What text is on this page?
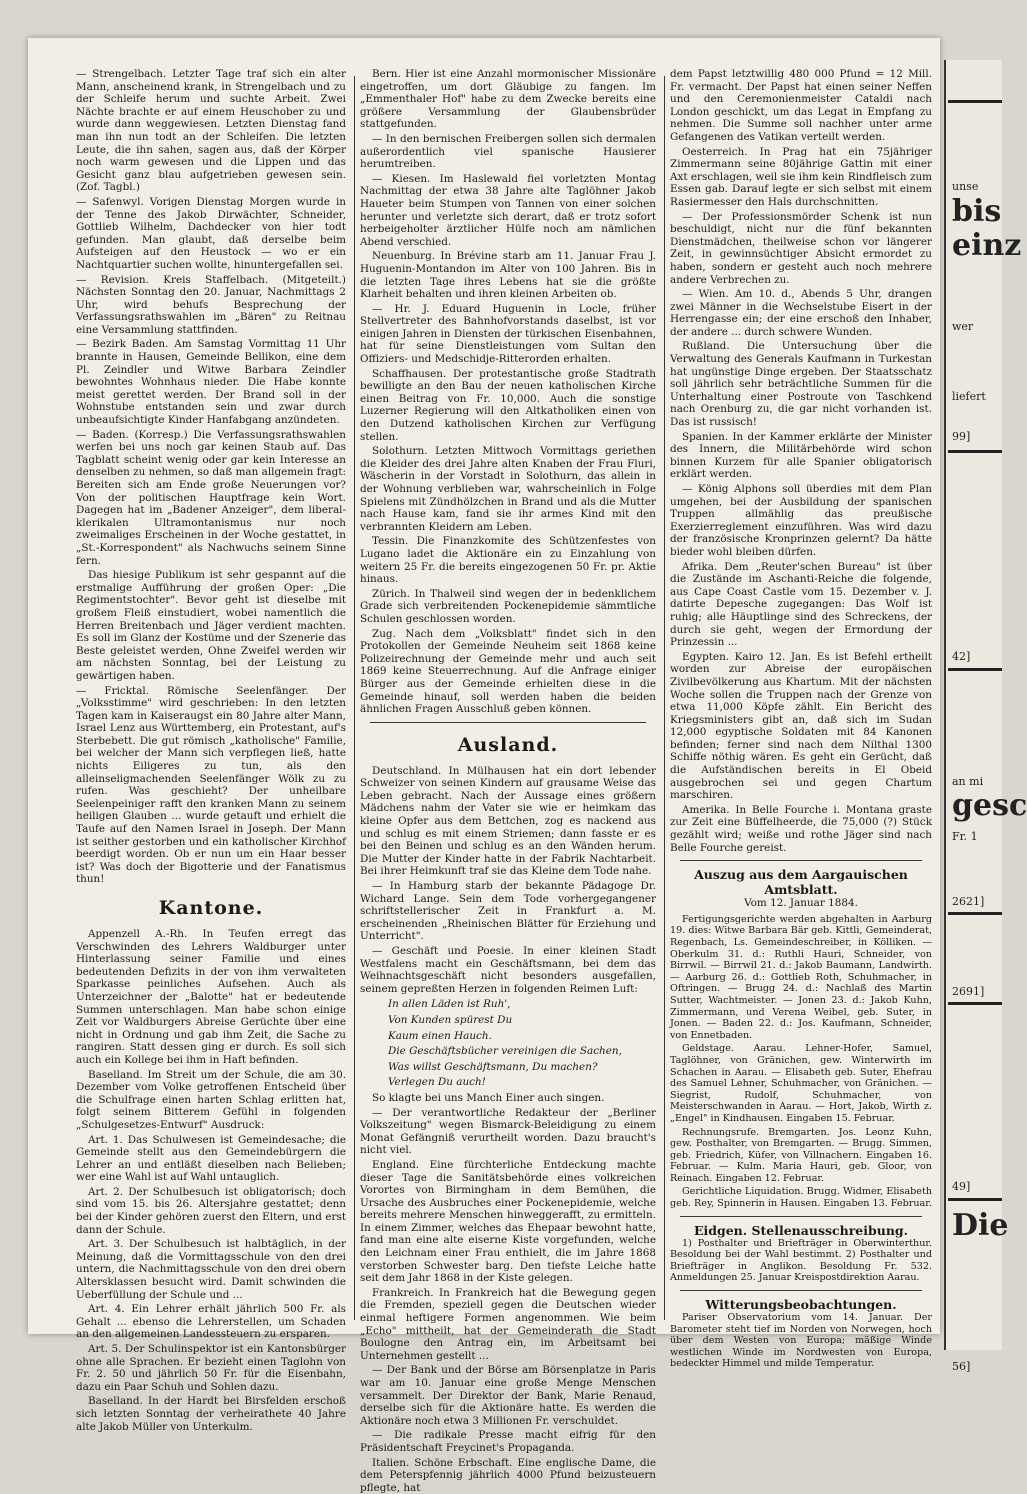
— Strengelbach. Letzter Tage traf sich ein alter Mann, anscheinend krank, in Strengelbach und zu der Schleife herum und suchte Arbeit. Zwei Nächte brachte er auf einem Heuschober zu und wurde dann weggewiesen. Letzten Dienstag fand man ihn nun todt an der Schleifen. Die letzten Leute, die ihn sahen, sagen aus, daß der Körper noch warm gewesen und die Lippen und das Gesicht ganz blau aufgetrieben gewesen sein. (Zof. Tagbl.)

— Safenwyl. Vorigen Dienstag Morgen wurde in der Tenne des Jakob Dirwächter, Schneider, Gottlieb Wilhelm, Dachdecker von hier todt gefunden. Man glaubt, daß derselbe beim Aufsteigen auf den Heustock — wo er ein Nachtquartier suchen wollte, hinuntergefallen sei.

— Revision. Kreis Staffelbach. (Mitgeteilt.) Nächsten Sonntag den 20. Januar, Nachmittags 2 Uhr, wird behufs Besprechung der Verfassungsrathswahlen im „Bären" zu Reitnau eine Versammlung stattfinden.

— Bezirk Baden. Am Samstag Vormittag 11 Uhr brannte in Hausen, Gemeinde Bellikon, eine dem Pl. Zeindler und Witwe Barbara Zeindler bewohntes Wohnhaus nieder. Die Habe konnte meist gerettet werden. Der Brand soll in der Wohnstube entstanden sein und zwar durch unbeaufsichtigte Kinder Hanfabgang anzündeten.

— Baden. (Korresp.) Die Verfassungsrathswahlen werfen bei uns noch gar keinen Staub auf. Das Tagblatt scheint wenig oder gar kein Interesse an denselben zu nehmen, so daß man allgemein fragt: Bereiten sich am Ende große Neuerungen vor? Von der politischen Hauptfrage kein Wort. Dagegen hat im „Badener Anzeiger", dem liberal-klerikalen Ultramontanismus nur noch zweimaliges Erscheinen in der Woche gestattet, in „St.-Korrespondent" als Nachwuchs seinem Sinne fern.

Das hiesige Publikum ist sehr gespannt auf die erstmalige Aufführung der großen Oper: „Die Regimentstochter". Bevor geht ist dieselbe mit großem Fleiß einstudiert, wobei namentlich die Herren Breitenbach und Jäger verdient machten. Es soll im Glanz der Kostüme und der Szenerie das Beste geleistet werden, Ohne Zweifel werden wir am nächsten Sonntag, bei der Leistung zu gewärtigen haben.

— Fricktal. Römische Seelenfänger. Der „Volksstimme" wird geschrieben: In den letzten Tagen kam in Kaiseraugst ein 80 Jahre alter Mann, Israel Lenz aus Württemberg, ein Protestant, auf's Sterbebett. Die gut römisch „katholische" Familie, bei welcher der Mann sich verpflegen ließ, hatte nichts Eiligeres zu tun, als den alleinseligmachenden Seelenfänger Wölk zu zu rufen. Was geschieht? Der unheilbare Seelenpeiniger rafft den kranken Mann zu seinem heiligen Glauben ... wurde getauft und erhielt die Taufe auf den Namen Israel in Joseph. Der Mann ist seither gestorben und ein katholischer Kirchhof beerdigt worden. Ob er nun um ein Haar besser ist? Was doch der Bigotterie und der Fanatismus thun!

Kantone.

Appenzell A.-Rh. In Teufen erregt das Verschwinden des Lehrers Waldburger unter Hinterlassung seiner Familie und eines bedeutenden Defizits in der von ihm verwalteten Sparkasse peinliches Aufsehen. Auch als Unterzeichner der „Balotte" hat er bedeutende Summen unterschlagen. Man habe schon einige Zeit vor Waldburgers Abreise Gerüchte über eine nicht in Ordnung und gab ihm Zeit, die Sache zu rangiren. Statt dessen ging er durch. Es soll sich auch ein Kollege bei ihm in Haft befinden.

Baselland. Im Streit um der Schule, die am 30. Dezember vom Volke getroffenen Entscheid über die Schulfrage einen harten Schlag erlitten hat, folgt seinem Bitterem Gefühl in folgenden „Schulgesetzes-Entwurf" Ausdruck:

Art. 1. Das Schulwesen ist Gemeindesache; die Gemeinde stellt aus den Gemeindebürgern die Lehrer an und entläßt dieselben nach Belieben; wer eine Wahl ist auf Wahl untauglich.

Art. 2. Der Schulbesuch ist obligatorisch; doch sind vom 15. bis 26. Altersjahre gestattet; denn bei der Kinder gehören zuerst den Eltern, und erst dann der Schule.

Art. 3. Der Schulbesuch ist halbtäglich, in der Meinung, daß die Vormittagsschule von den drei untern, die Nachmittagsschule von den drei obern Altersklassen besucht wird. Damit schwinden die Ueberfüllung der Schule und ...

Art. 4. Ein Lehrer erhält jährlich 500 Fr. als Gehalt ... ebenso die Lehrerstellen, um Schaden an den allgemeinen Landessteuern zu ersparen.

Art. 5. Der Schulinspektor ist ein Kantonsbürger ohne alle Sprachen. Er bezieht einen Taglohn von Fr. 2. 50 und jährlich 50 Fr. für die Eisenbahn, dazu ein Paar Schuh und Sohlen dazu.

Baselland. In der Hardt bei Birsfelden erschoß sich letzten Sonntag der verheirathete 40 Jahre alte Jakob Müller von Unterkulm.

Bern. Hier ist eine Anzahl mormonischer Missionäre eingetroffen, um dort Gläubige zu fangen. Im „Emmenthaler Hof" habe zu dem Zwecke bereits eine größere Versammlung der Glaubensbrüder stattgefunden.

— In den bernischen Freibergen sollen sich dermalen außerordentlich viel spanische Hausierer herumtreiben.

— Kiesen. Im Haslewald fiel vorletzten Montag Nachmittag der etwa 38 Jahre alte Taglöhner Jakob Haueter beim Stumpen von Tannen von einer solchen herunter und verletzte sich derart, daß er trotz sofort herbeigeholter ärztlicher Hülfe noch am nämlichen Abend verschied.

Neuenburg. In Brévine starb am 11. Januar Frau J. Huguenin-Montandon im Alter von 100 Jahren. Bis in die letzten Tage ihres Lebens hat sie die größte Klarheit behalten und ihren kleinen Arbeiten ob.

— Hr. J. Eduard Huguenin in Locle, früher Stellvertreter des Bahnhofvorstands daselbst, ist vor einigen Jahren in Diensten der türkischen Eisenbahnen, hat für seine Dienstleistungen vom Sultan den Offiziers- und Medschidje-Ritterorden erhalten.

Schaffhausen. Der protestantische große Stadtrath bewilligte an den Bau der neuen katholischen Kirche einen Beitrag von Fr. 10,000. Auch die sonstige Luzerner Regierung will den Altkatholiken einen von den Dutzend katholischen Kirchen zur Verfügung stellen.

Solothurn. Letzten Mittwoch Vormittags geriethen die Kleider des drei Jahre alten Knaben der Frau Fluri, Wäscherin in der Vorstadt in Solothurn, das allein in der Wohnung verblieben war, wahrscheinlich in Folge Spielens mit Zündhölzchen in Brand und als die Mutter nach Hause kam, fand sie ihr armes Kind mit den verbrannten Kleidern am Leben.

Tessin. Die Finanzkomite des Schützenfestes von Lugano ladet die Aktionäre ein zu Einzahlung von weitern 25 Fr. die bereits eingezogenen 50 Fr. pr. Aktie hinaus.

Zürich. In Thalweil sind wegen der in bedenklichem Grade sich verbreitenden Pockenepidemie sämmtliche Schulen geschlossen worden.

Zug. Nach dem „Volksblatt" findet sich in den Protokollen der Gemeinde Neuheim seit 1868 keine Polizeirechnung der Gemeinde mehr und auch seit 1869 keine Steuerrechnung. Auf die Anfrage einiger Bürger aus der Gemeinde erhielten diese in die Gemeinde hinauf, soll werden haben die beiden ähnlichen Fragen Ausschluß geben können.

Ausland.

Deutschland. In Mülhausen hat ein dort lebender Schweizer von seinen Kindern auf grausame Weise das Leben gebracht. Nach der Aussage eines größern Mädchens nahm der Vater sie wie er heimkam das kleine Opfer aus dem Bettchen, zog es nackend aus und schlug es mit einem Striemen; dann fasste er es bei den Beinen und schlug es an den Wänden herum. Die Mutter der Kinder hatte in der Fabrik Nachtarbeit. Bei ihrer Heimkunft traf sie das Kleine dem Tode nahe.

— In Hamburg starb der bekannte Pädagoge Dr. Wichard Lange. Sein dem Tode vorhergegangener schriftstellerischer Zeit in Frankfurt a. M. erscheinenden „Rheinischen Blätter für Erziehung und Unterricht".

— Geschäft und Poesie. In einer kleinen Stadt Westfalens macht ein Geschäftsmann, bei dem das Weihnachtsgeschäft nicht besonders ausgefallen, seinem gepreßten Herzen in folgenden Reimen Luft:

In allen Läden ist Ruh',

Von Kunden spürest Du

Kaum einen Hauch.

Die Geschäftsbücher vereinigen die Sachen,

Was willst Geschäftsmann, Du machen?

Verlegen Du auch!

So klagte bei uns Manch Einer auch singen.

— Der verantwortliche Redakteur der „Berliner Volkszeitung" wegen Bismarck-Beleidigung zu einem Monat Gefängniß verurtheilt worden. Dazu braucht's nicht viel.

England. Eine fürchterliche Entdeckung machte dieser Tage die Sanitätsbehörde eines volkreichen Vorortes von Birmingham in dem Bemühen, die Ursache des Ausbruches einer Pockenepidemie, welche bereits mehrere Menschen hinweggerafft, zu ermitteln. In einem Zimmer, welches das Ehepaar bewohnt hatte, fand man eine alte eiserne Kiste vorgefunden, welche den Leichnam einer Frau enthielt, die im Jahre 1868 verstorben Schwester barg. Den tiefste Leiche hatte seit dem Jahr 1868 in der Kiste gelegen.

Frankreich. In Frankreich hat die Bewegung gegen die Fremden, speziell gegen die Deutschen wieder einmal heftigere Formen angenommen. Wie beim „Echo" mittheilt, hat der Gemeinderath die Stadt Boulogne den Antrag ein, im Arbeitsamt bei Unternehmen gestellt ...

— Der Bank und der Börse am Börsenplatze in Paris war am 10. Januar eine große Menge Menschen versammelt. Der Direktor der Bank, Marie Renaud, derselbe sich für die Aktionäre hatte. Es werden die Aktionäre noch etwa 3 Millionen Fr. verschuldet.

— Die radikale Presse macht eifrig für den Präsidentschaft Freycinet's Propaganda.

Italien. Schöne Erbschaft. Eine englische Dame, die dem Peterspfennig jährlich 4000 Pfund beizusteuern pflegte, hat

dem Papst letztwillig 480 000 Pfund = 12 Mill. Fr. vermacht. Der Papst hat einen seiner Neffen und den Ceremonienmeister Cataldi nach London geschickt, um das Legat in Empfang zu nehmen. Die Summe soll nachher unter arme Gefangenen des Vatikan verteilt werden.

Oesterreich. In Prag hat ein 75jähriger Zimmermann seine 80jährige Gattin mit einer Axt erschlagen, weil sie ihm kein Rindfleisch zum Essen gab. Darauf legte er sich selbst mit einem Rasiermesser den Hals durchschnitten.

— Der Professionsmörder Schenk ist nun beschuldigt, nicht nur die fünf bekannten Dienstmädchen, theilweise schon vor längerer Zeit, in gewinnsüchtiger Absicht ermordet zu haben, sondern er gesteht auch noch mehrere andere Verbrechen zu.

— Wien. Am 10. d., Abends 5 Uhr, drangen zwei Männer in die Wechselstube Eisert in der Herrengasse ein; der eine erschoß den Inhaber, der andere ... durch schwere Wunden.

Rußland. Die Untersuchung über die Verwaltung des Generals Kaufmann in Turkestan hat ungünstige Dinge ergeben. Der Staatsschatz soll jährlich sehr beträchtliche Summen für die Unterhaltung einer Postroute von Taschkend nach Orenburg zu, die gar nicht vorhanden ist. Das ist russisch!

Spanien. In der Kammer erklärte der Minister des Innern, die Militärbehörde wird schon binnen Kurzem für alle Spanier obligatorisch erklärt werden.

— König Alphons soll überdies mit dem Plan umgehen, bei der Ausbildung der spanischen Truppen allmählig das preußische Exerzierreglement einzuführen. Was wird dazu der französische Kronprinzen gelernt? Da hätte bieder wohl bleiben dürfen.

Afrika. Dem „Reuter'schen Bureau" ist über die Zustände im Aschanti-Reiche die folgende, aus Cape Coast Castle vom 15. Dezember v. J. datirte Depesche zugegangen: Das Wolf ist ruhig; alle Häuptlinge sind des Schreckens, der durch sie geht, wegen der Ermordung der Prinzessin ...

Egypten. Kairo 12. Jan. Es ist Befehl ertheilt worden zur Abreise der europäischen Zivilbevölkerung aus Khartum. Mit der nächsten Woche sollen die Truppen nach der Grenze von etwa 11,000 Köpfe zählt. Ein Bericht des Kriegsministers gibt an, daß sich im Sudan 12,000 egyptische Soldaten mit 84 Kanonen befinden; ferner sind nach dem Nilthal 1300 Schiffe nöthig wären. Es geht ein Gerücht, daß die Aufständischen bereits in El Obeid ausgebrochen sei und gegen Chartum marschiren.

Amerika. In Belle Fourche i. Montana graste zur Zeit eine Büffelheerde, die 75,000 (?) Stück gezählt wird; weiße und rothe Jäger sind nach Belle Fourche gereist.

Auszug aus dem Aargauischen Amtsblatt.
Vom 12. Januar 1884.

Fertigungsgerichte werden abgehalten in Aarburg 19. dies: Witwe Barbara Bär geb. Kittli, Gemeinderat, Regenbach, Ls. Gemeindeschreiber, in Kölliken. — Oberkulm 31. d.: Ruthli Hauri, Schneider, von Birrwil. — Birrwil 21. d.: Jakob Baumann, Landwirth. — Aarburg 26. d.: Gottlieb Roth, Schuhmacher, in Oftringen. — Brugg 24. d.: Nachlaß des Martin Sutter, Wachtmeister. — Jonen 23. d.: Jakob Kuhn, Zimmermann, und Verena Weibel, geb. Suter, in Jonen. — Baden 22. d.: Jos. Kaufmann, Schneider, von Ennetbaden.

Geldstage. Aarau. Lehner-Hofer, Samuel, Taglöhner, von Gränichen, gew. Winterwirth im Schachen in Aarau. — Elisabeth geb. Suter, Ehefrau des Samuel Lehner, Schuhmacher, von Gränichen. — Siegrist, Rudolf, Schuhmacher, von Meisterschwanden in Aarau. — Hort, Jakob, Wirth z. „Engel" in Kindhausen. Eingaben 15. Februar.

Rechnungsrufe. Bremgarten. Jos. Leonz Kuhn, gew. Posthalter, von Bremgarten. — Brugg. Simmen, geb. Friedrich, Küfer, von Villnachern. Eingaben 16. Februar. — Kulm. Maria Hauri, geb. Gloor, von Reinach. Eingaben 12. Februar.

Gerichtliche Liquidation. Brugg. Widmer, Elisabeth geb. Rey, Spinnerin in Hausen. Eingaben 13. Februar.

Eidgen. Stellenausschreibung.

1) Posthalter und Briefträger in Oberwinterthur. Besoldung bei der Wahl bestimmt. 2) Posthalter und Briefträger in Anglikon. Besoldung Fr. 532. Anmeldungen 25. Januar Kreispostdirektion Aarau.

Witterungsbeobachtungen.

Pariser Observatorium vom 14. Januar. Der Barometer steht tief im Norden von Norwegen, hoch über dem Westen von Europa; mäßige Winde westlichen Winde im Nordwesten von Europa, bedeckter Himmel und milde Temperatur.

unse
bis
einz
wer
liefert
99]
42]
an mi
gesc
Fr. 1
2621]
2691]
49]
Die
56]
